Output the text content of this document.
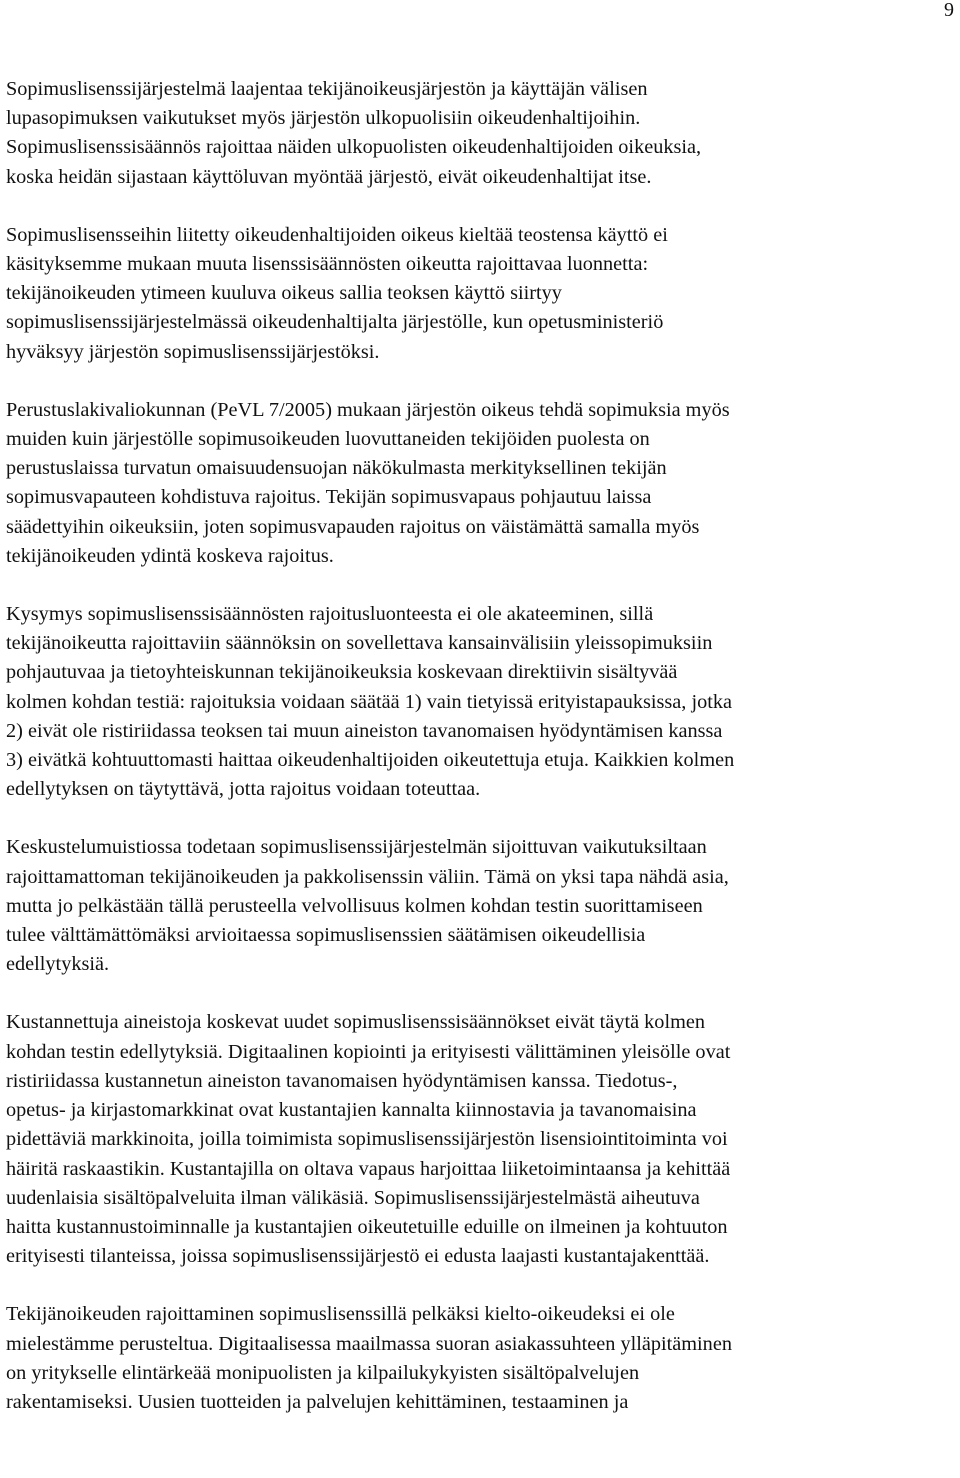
9

Sopimuslisenssijärjestelmä laajentaa tekijänoikeusjärjestön ja käyttäjän välisen
lupasopimuksen vaikutukset myös järjestön ulkopuolisiin oikeudenhaltijoihin.
Sopimuslisenssisäännös rajoittaa näiden ulkopuolisten oikeudenhaltijoiden oikeuksia,
koska heidän sijastaan käyttöluvan myöntää järjestö, eivät oikeudenhaltijat itse.

Sopimuslisensseihin liitetty oikeudenhaltijoiden oikeus kieltää teostensa käyttö ei
käsityksemme mukaan muuta lisenssisäännösten oikeutta rajoittavaa luonnetta:
tekijänoikeuden ytimeen kuuluva oikeus sallia teoksen käyttö siirtyy
sopimuslisenssijärjestelmässä oikeudenhaltijalta järjestölle, kun opetusministeriö
hyväksyy järjestön sopimuslisenssijärjestöksi.

Perustuslakivaliokunnan (PeVL 7/2005) mukaan järjestön oikeus tehdä sopimuksia myös
muiden kuin järjestölle sopimusoikeuden luovuttaneiden tekijöiden puolesta on
perustuslaissa turvatun omaisuudensuojan näkökulmasta merkityksellinen tekijän
sopimusvapauteen kohdistuva rajoitus. Tekijän sopimusvapaus pohjautuu laissa
säädettyihin oikeuksiin, joten sopimusvapauden rajoitus on väistämättä samalla myös
tekijänoikeuden ydintä koskeva rajoitus.

Kysymys sopimuslisenssisäännösten rajoitusluonteesta ei ole akateeminen, sillä
tekijänoikeutta rajoittaviin säännöksin on sovellettava kansainvälisiin yleissopimuksiin
pohjautuvaa ja tietoyhteiskunnan tekijänoikeuksia koskevaan direktiivin sisältyvää
kolmen kohdan testiä: rajoituksia voidaan säätää 1) vain tietyissä erityistapauksissa, jotka
2) eivät ole ristiriidassa teoksen tai muun aineiston tavanomaisen hyödyntämisen kanssa
3) eivätkä kohtuuttomasti haittaa oikeudenhaltijoiden oikeutettuja etuja. Kaikkien kolmen
edellytyksen on täytyttävä, jotta rajoitus voidaan toteuttaa.

Keskustelumuistiossa todetaan sopimuslisenssijärjestelmän sijoittuvan vaikutuksiltaan
rajoittamattoman tekijänoikeuden ja pakkolisenssin väliin. Tämä on yksi tapa nähdä asia,
mutta jo pelkästään tällä perusteella velvollisuus kolmen kohdan testin suorittamiseen
tulee välttämättömäksi arvioitaessa sopimuslisenssien säätämisen oikeudellisia
edellytyksiä.

Kustannettuja aineistoja koskevat uudet sopimuslisenssisäännökset eivät täytä kolmen
kohdan testin edellytyksiä. Digitaalinen kopiointi ja erityisesti välittäminen yleisölle ovat
ristiriidassa kustannetun aineiston tavanomaisen hyödyntämisen kanssa. Tiedotus-,
opetus- ja kirjastomarkkinat ovat kustantajien kannalta kiinnostavia ja tavanomaisina
pidettäviä markkinoita, joilla toimimista sopimuslisenssijärjestön lisensiointitoiminta voi
häiritä raskaastikin. Kustantajilla on oltava vapaus harjoittaa liiketoimintaansa ja kehittää
uudenlaisia sisältöpalveluita ilman välikäsiä. Sopimuslisenssijärjestelmästä aiheutuva
haitta kustannustoiminnalle ja kustantajien oikeutetuille eduille on ilmeinen ja kohtuuton
erityisesti tilanteissa, joissa sopimuslisenssijärjestö ei edusta laajasti kustantajakenttää.

Tekijänoikeuden rajoittaminen sopimuslisenssillä pelkäksi kielto-oikeudeksi ei ole
mielestämme perusteltua. Digitaalisessa maailmassa suoran asiakassuhteen ylläpitäminen
on yritykselle elintärkeää monipuolisten ja kilpailukykyisten sisältöpalvelujen
rakentamiseksi. Uusien tuotteiden ja palvelujen kehittäminen, testaaminen ja
